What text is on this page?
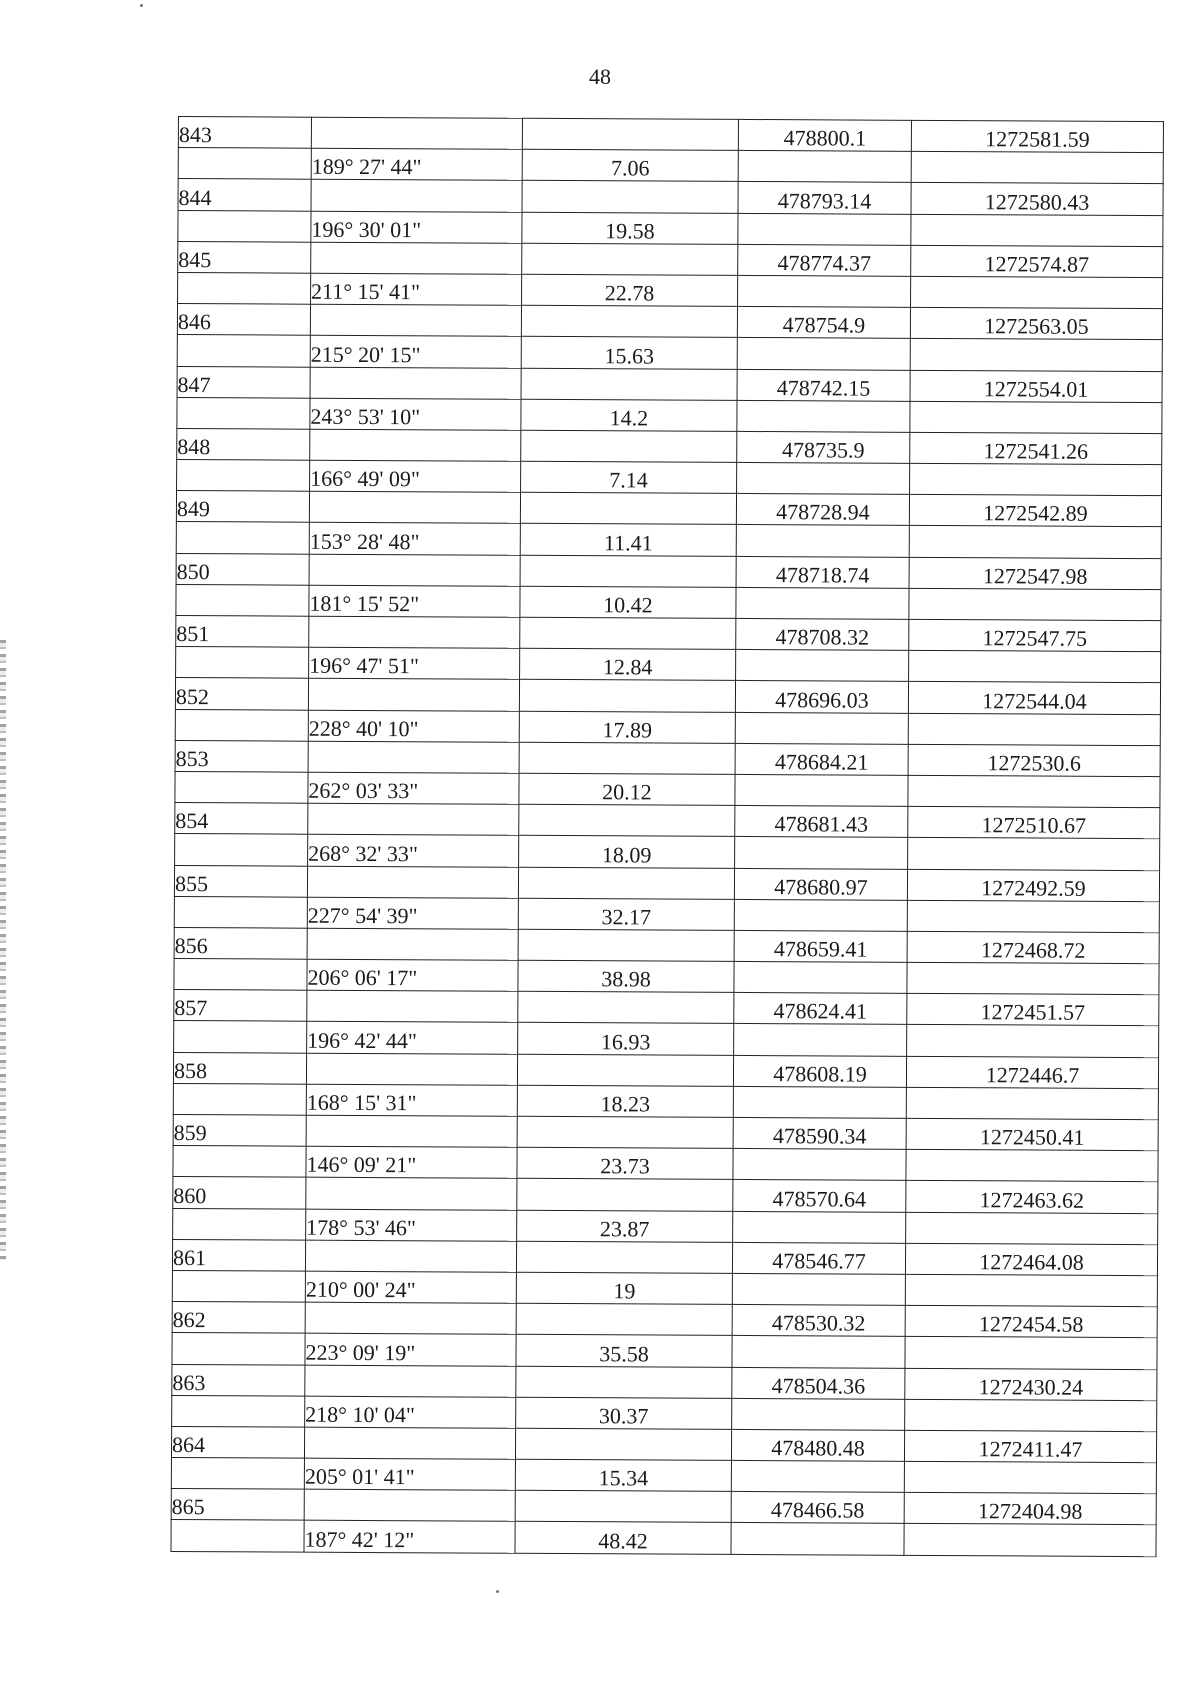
48
843			478800.1	1272581.59
	189° 27' 44"	7.06		
844			478793.14	1272580.43
	196° 30' 01"	19.58		
845			478774.37	1272574.87
	211° 15' 41"	22.78		
846			478754.9	1272563.05
	215° 20' 15"	15.63		
847			478742.15	1272554.01
	243° 53' 10"	14.2		
848			478735.9	1272541.26
	166° 49' 09"	7.14		
849			478728.94	1272542.89
	153° 28' 48"	11.41		
850			478718.74	1272547.98
	181° 15' 52"	10.42		
851			478708.32	1272547.75
	196° 47' 51"	12.84		
852			478696.03	1272544.04
	228° 40' 10"	17.89		
853			478684.21	1272530.6
	262° 03' 33"	20.12		
854			478681.43	1272510.67
	268° 32' 33"	18.09		
855			478680.97	1272492.59
	227° 54' 39"	32.17		
856			478659.41	1272468.72
	206° 06' 17"	38.98		
857			478624.41	1272451.57
	196° 42' 44"	16.93		
858			478608.19	1272446.7
	168° 15' 31"	18.23		
859			478590.34	1272450.41
	146° 09' 21"	23.73		
860			478570.64	1272463.62
	178° 53' 46"	23.87		
861			478546.77	1272464.08
	210° 00' 24"	19		
862			478530.32	1272454.58
	223° 09' 19"	35.58		
863			478504.36	1272430.24
	218° 10' 04"	30.37		
864			478480.48	1272411.47
	205° 01' 41"	15.34		
865			478466.58	1272404.98
	187° 42' 12"	48.42		
